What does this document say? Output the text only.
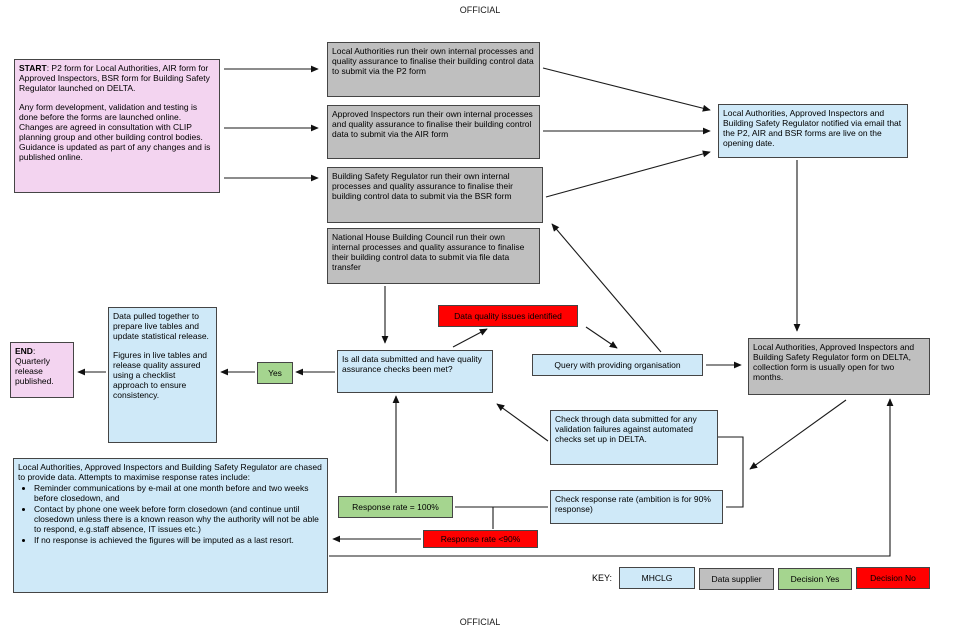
OFFICIAL

START: P2 form for Local Authorities, AIR form for Approved Inspectors, BSR form for Building Safety Regulator launched on DELTA.

Any form development, validation and testing is done before the forms are launched online. Changes are agreed in consultation with CLIP planning group and other building control bodies. Guidance is updated as part of any changes and is published online.

Local Authorities run their own internal processes and quality assurance to finalise their building control data to submit via the P2 form
Approved Inspectors run their own internal processes and quality assurance to finalise their building control data to submit via the AIR form
Building Safety Regulator run their own internal processes and quality assurance to finalise their building control data to submit via the BSR form
National House Building Council run their own internal processes and quality assurance to finalise their building control data to submit via file data transfer
Local Authorities, Approved Inspectors and Building Safety Regulator notified via email that the P2, AIR and BSR forms are live on the opening date.
Local Authorities, Approved Inspectors and Building Safety Regulator form on DELTA, collection form is usually open for two months.
Data quality issues identified
Is all data submitted and have quality assurance checks been met?	Query with providing organisation
Yes

Data pulled together to prepare live tables and update statistical release.

Figures in live tables and release quality assured using a checklist approach to ensure consistency.

END: Quarterly release published.

Local Authorities, Approved Inspectors and Building Safety Regulator are chased to provide data. Attempts to maximise response rates include:

• Reminder communications by e-mail at one month before and two weeks before closedown, and
• Contact by phone one week before form closedown (and continue until closedown unless there is a known reason why the authority will not be able to respond, e.g.staff absence, IT issues etc.)
• If no response is achieved the figures will be imputed as a last resort.
Check through data submitted for any validation failures against automated checks set up in DELTA.
Check response rate (ambition is for 90% response)
Response rate = 100%
Response rate <90%
KEY:	MHCLG	Data supplier	Decision Yes	Decision No
OFFICIAL
